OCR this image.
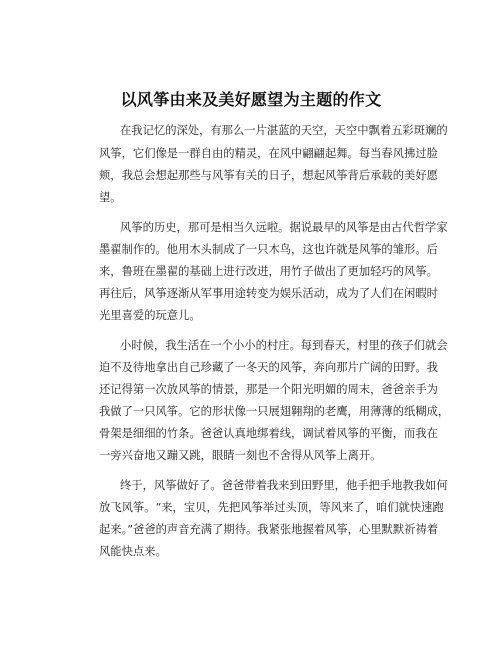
以风筝由来及美好愿望为主题的作文

在我记忆的深处，有那么一片湛蓝的天空，天空中飘着五彩斑斓的

风筝，它们像是一群自由的精灵，在风中翩翩起舞。每当春风拂过脸

颊，我总会想起那些与风筝有关的日子，想起风筝背后承载的美好愿

望。

风筝的历史，那可是相当久远啦。据说最早的风筝是由古代哲学家

墨翟制作的。他用木头制成了一只木鸟，这也许就是风筝的雏形。后

来，鲁班在墨翟的基础上进行改进，用竹子做出了更加轻巧的风筝。

再往后，风筝逐渐从军事用途转变为娱乐活动，成为了人们在闲暇时

光里喜爱的玩意儿。

小时候，我生活在一个小小的村庄。每到春天，村里的孩子们就会

迫不及待地拿出自己珍藏了一冬天的风筝，奔向那片广阔的田野。我

还记得第一次放风筝的情景，那是一个阳光明媚的周末，爸爸亲手为

我做了一只风筝。它的形状像一只展翅翱翔的老鹰，用薄薄的纸糊成，

骨架是细细的竹条。爸爸认真地绑着线，调试着风筝的平衡，而我在

一旁兴奋地又蹦又跳，眼睛一刻也不舍得从风筝上离开。

终于，风筝做好了。爸爸带着我来到田野里，他手把手地教我如何

放飞风筝。“来，宝贝，先把风筝举过头顶，等风来了，咱们就快速跑

起来。”爸爸的声音充满了期待。我紧张地握着风筝，心里默默祈祷着

风能快点来。
